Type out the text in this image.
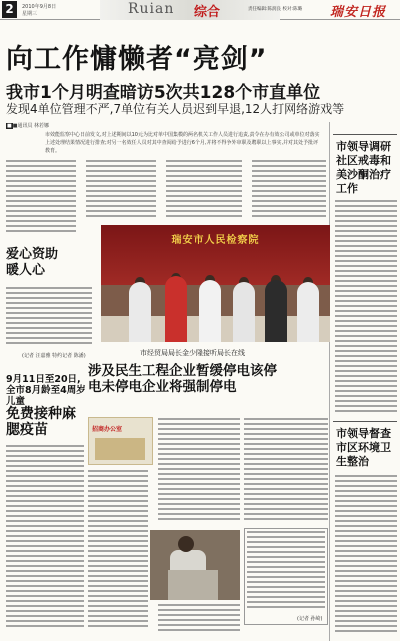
2	2010年9月8日
星期三	Ruian 综合	责任编辑:陈润良 校对:陈璐 瑞安日报
向工作慵懒者“亮剑”
我市1个月明查暗访5次共128个市直单位
发现4单位管理不严,7单位有关人员迟到早退,12人打网络游戏等
■■通讯员 林若娜
市效能监察中心日前发文,对上述期间以10元为比对单中国集模的两名机关工作人员进行追责,责令在办有效公司或单位对落实上述处理结果情况进行排查;对另一名效任人员对其中查阅给予进行6个月,并将不得争外审职及聘职以上事实,并对其处予批评教育。
爱心资助暖人心
(记者 汪嘉雅 特约记者 陈潘)
9月11日至20日,全市8月龄至4周岁儿童
免费接种麻腮疫苗
瑞安市人民检察院
市经贸局局长金少隆接听局长在线
涉及民生工程企业暂缓停电该停电未停电企业将强制停电
招商办公室
(记者 孙崎)
市领导调研社区戒毒和美沙酮治疗工作
市领导督查市区环境卫生整治
